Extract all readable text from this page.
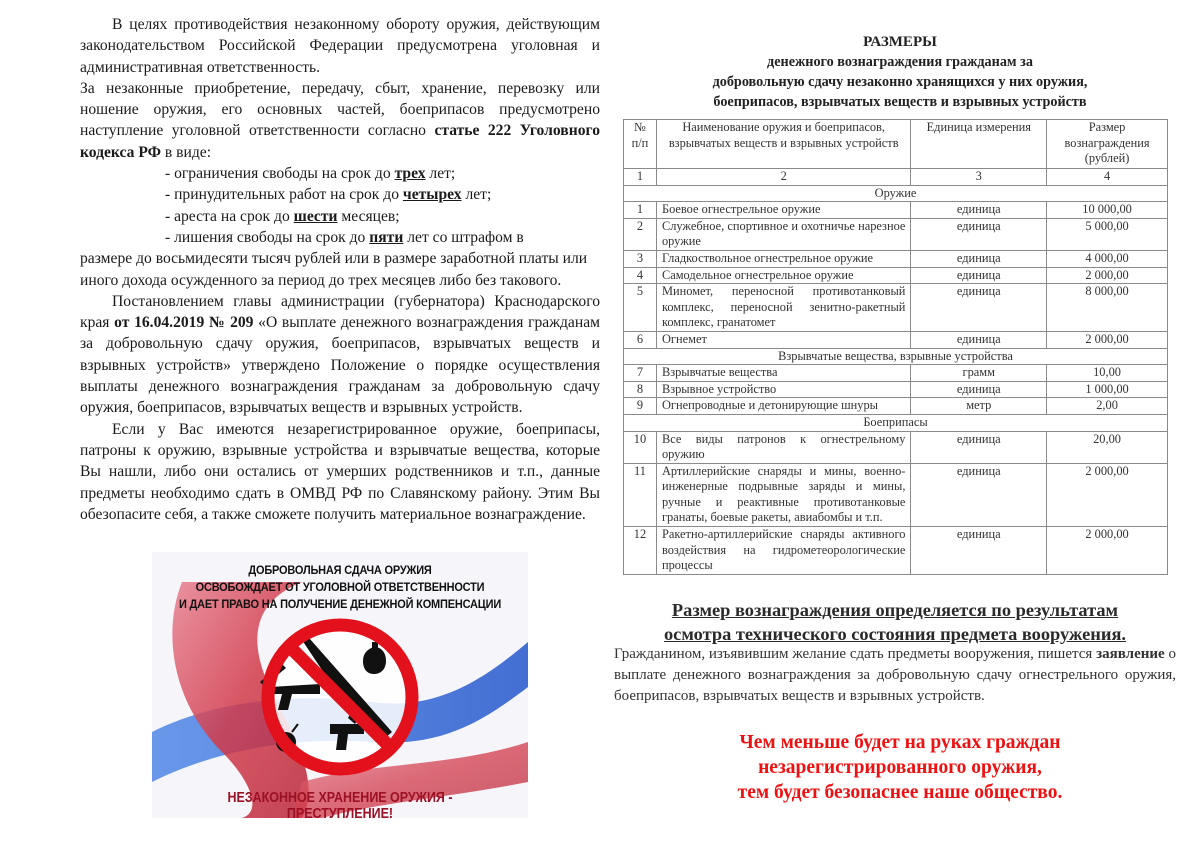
В целях противодействия незаконному обороту оружия, действующим законодательством Российской Федерации предусмотрена уголовная и административная ответственность.

За незаконные приобретение, передачу, сбыт, хранение, перевозку или ношение оружия, его основных частей, боеприпасов предусмотрено наступление уголовной ответственности согласно статье 222 Уголовного кодекса РФ в виде:

- ограничения свободы на срок до трех лет;

- принудительных работ на срок до четырех лет;

- ареста на срок до шести месяцев;

- лишения свободы на срок до пяти лет со штрафом в

размере до восьмидесяти тысяч рублей или в размере заработной платы или иного дохода осужденного за период до трех месяцев либо без такового.

Постановлением главы администрации (губернатора) Краснодарского края от 16.04.2019 № 209 «О выплате денежного вознаграждения гражданам за добровольную сдачу оружия, боеприпасов, взрывчатых веществ и взрывных устройств» утверждено Положение о порядке осуществления выплаты денежного вознаграждения гражданам за добровольную сдачу оружия, боеприпасов, взрывчатых веществ и взрывных устройств.

Если у Вас имеются незарегистрированное оружие, боеприпасы, патроны к оружию, взрывные устройства и взрывчатые вещества, которые Вы нашли, либо они остались от умерших родственников и т.п., данные предметы необходимо сдать в ОМВД РФ по Славянскому району. Этим Вы обезопасите себя, а также сможете получить материальное вознаграждение.

ДОБРОВОЛЬНАЯ СДАЧА ОРУЖИЯ
ОСВОБОЖДАЕТ ОТ УГОЛОВНОЙ ОТВЕТСТВЕННОСТИ
И ДАЕТ ПРАВО НА ПОЛУЧЕНИЕ ДЕНЕЖНОЙ КОМПЕНСАЦИИ
НЕЗАКОННОЕ ХРАНЕНИЕ ОРУЖИЯ - ПРЕСТУПЛЕНИЕ!
РАЗМЕРЫ
денежного вознаграждения гражданам за
добровольную сдачу незаконно хранящихся у них оружия,
боеприпасов, взрывчатых веществ и взрывных устройств
№ п/п	Наименование оружия и боеприпасов, взрывчатых веществ и взрывных устройств	Единица измерения	Размер вознаграждения (рублей)
1	2	3	4
Оружие			
1	Боевое огнестрельное оружие	единица	10 000,00
2	Служебное, спортивное и охотничье нарезное оружие	единица	5 000,00
3	Гладкоствольное огнестрельное оружие	единица	4 000,00
4	Самодельное огнестрельное оружие	единица	2 000,00
5	Миномет, переносной противотанковый комплекс, переносной зенитно-ракетный комплекс, гранатомет	единица	8 000,00
6	Огнемет	единица	2 000,00
Взрывчатые вещества, взрывные устройства			
7	Взрывчатые вещества	грамм	10,00
8	Взрывное устройство	единица	1 000,00
9	Огнепроводные и детонирующие шнуры	метр	2,00
Боеприпасы			
10	Все виды патронов к огнестрельному оружию	единица	20,00
11	Артиллерийские снаряды и мины, военно-инженерные подрывные заряды и мины, ручные и реактивные противотанковые гранаты, боевые ракеты, авиабомбы и т.п.	единица	2 000,00
12	Ракетно-артиллерийские снаряды активного воздействия на гидрометеорологические процессы	единица	2 000,00
Размер вознаграждения определяется по результатам
осмотра технического состояния предмета вооружения.
Гражданином, изъявившим желание сдать предметы вооружения, пишется заявление о выплате денежного вознаграждения за добровольную сдачу огнестрельного оружия, боеприпасов, взрывчатых веществ и взрывных устройств.
Чем меньше будет на руках граждан
незарегистрированного оружия,
тем будет безопаснее наше общество.
